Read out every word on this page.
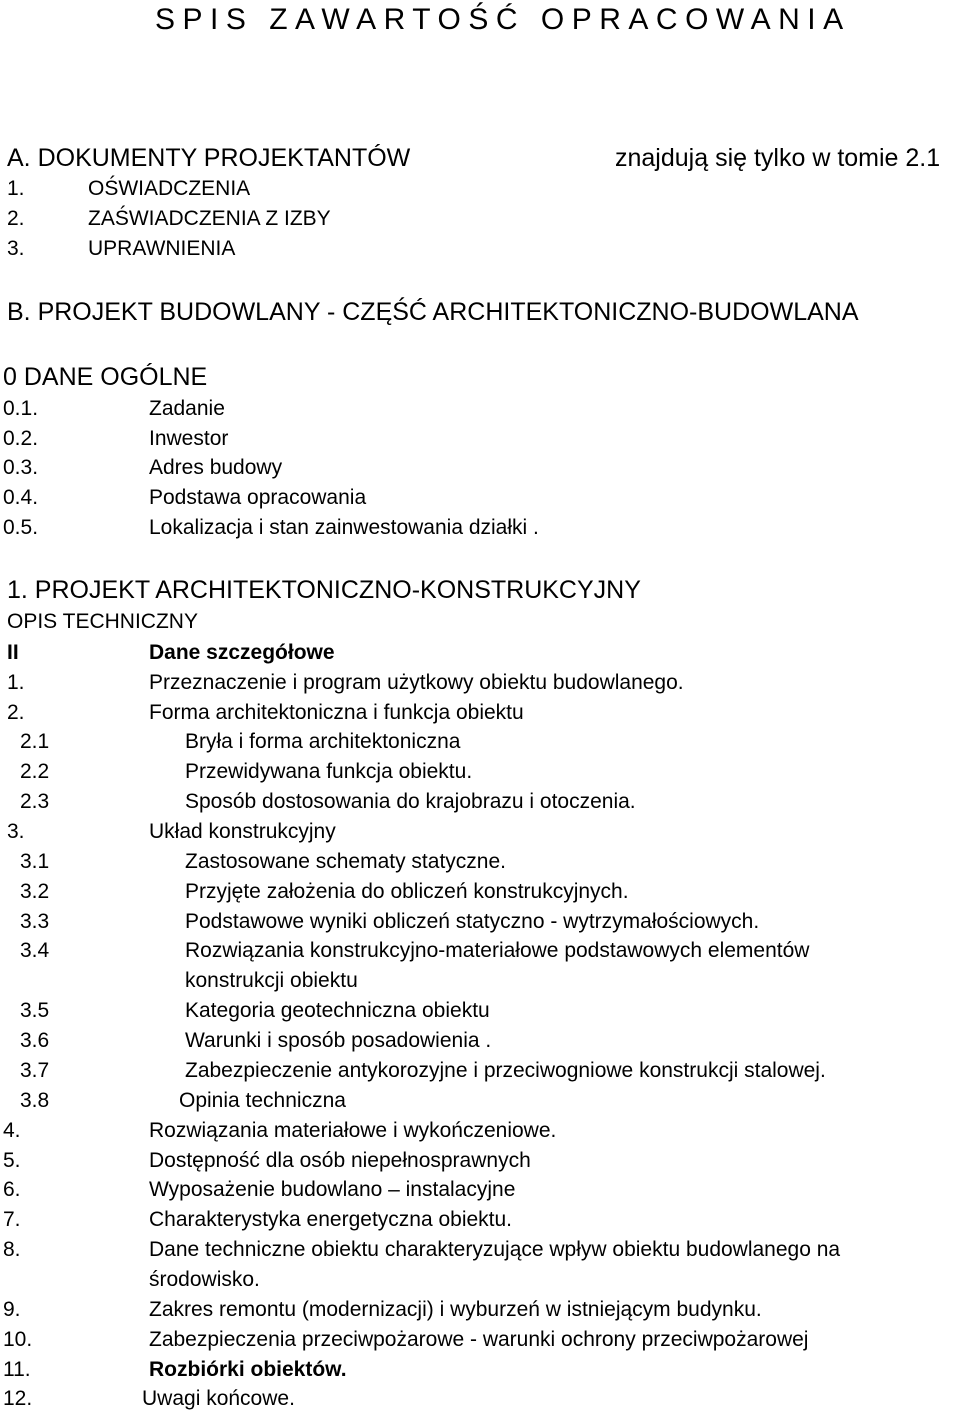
SPIS ZAWARTOŚĆ OPRACOWANIA
A. DOKUMENTY PROJEKTANTÓW	znajdują się tylko w tomie 2.1
1.	OŚWIADCZENIA
2.	ZAŚWIADCZENIA Z IZBY
3.	UPRAWNIENIA
B. PROJEKT BUDOWLANY - CZĘŚĆ ARCHITEKTONICZNO-BUDOWLANA
0 DANE OGÓLNE
0.1.	Zadanie
0.2.	Inwestor
0.3.	Adres budowy
0.4.	Podstawa opracowania
0.5.	Lokalizacja i stan zainwestowania działki .
1. PROJEKT ARCHITEKTONICZNO-KONSTRUKCYJNY
OPIS TECHNICZNY
II	Dane szczegółowe
1.	Przeznaczenie i program użytkowy obiektu budowlanego.
2.	Forma architektoniczna i funkcja obiektu
2.1	Bryła i forma architektoniczna
2.2	Przewidywana funkcja obiektu.
2.3	Sposób dostosowania do krajobrazu i otoczenia.
3.	Układ konstrukcyjny
3.1	Zastosowane schematy statyczne.
3.2	Przyjęte założenia do obliczeń konstrukcyjnych.
3.3	Podstawowe wyniki obliczeń statyczno - wytrzymałościowych.
3.4	Rozwiązania konstrukcyjno-materiałowe podstawowych elementów
konstrukcji obiektu
3.5	Kategoria geotechniczna obiektu
3.6	Warunki i sposób posadowienia .
3.7	Zabezpieczenie antykorozyjne i przeciwogniowe konstrukcji stalowej.
3.8	Opinia techniczna
4.	Rozwiązania materiałowe i wykończeniowe.
5.	Dostępność dla osób niepełnosprawnych
6.	Wyposażenie budowlano – instalacyjne
7.	Charakterystyka energetyczna obiektu.
8.	Dane techniczne obiektu charakteryzujące wpływ obiektu budowlanego na
środowisko.
9.	Zakres remontu (modernizacji) i wyburzeń w istniejącym budynku.
10.	Zabezpieczenia przeciwpożarowe - warunki ochrony przeciwpożarowej
11.	Rozbiórki obiektów.
12.	Uwagi końcowe.
